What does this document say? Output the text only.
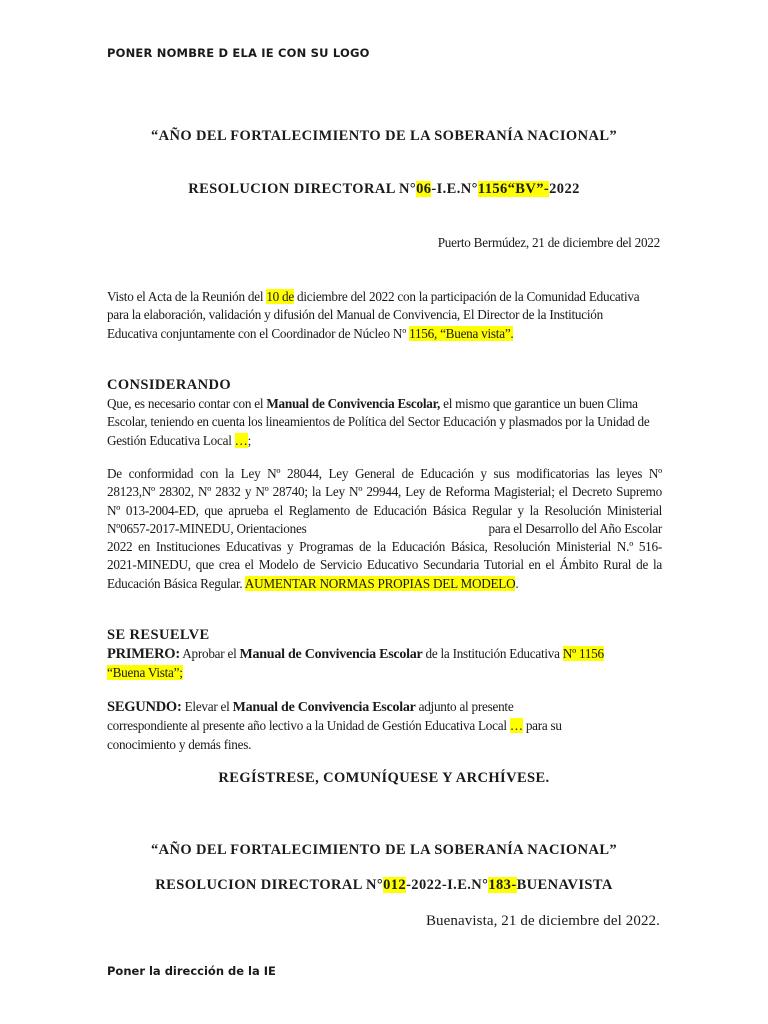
PONER NOMBRE D ELA IE CON SU LOGO
“AÑO DEL FORTALECIMIENTO DE LA SOBERANÍA NACIONAL”
RESOLUCION DIRECTORAL N°06-I.E.N°1156“BV”-2022
Puerto Bermúdez, 21 de diciembre del 2022
Visto el Acta de la Reunión del 10 de diciembre del 2022 con la participación de la Comunidad Educativa
para la elaboración, validación y difusión del Manual de Convivencia, El Director de la Institución
Educativa conjuntamente con el Coordinador de Núcleo Nº 1156, “Buena vista”.
CONSIDERANDO
Que, es necesario contar con el Manual de Convivencia Escolar, el mismo que garantice un buen Clima
Escolar, teniendo en cuenta los lineamientos de Política del Sector Educación y plasmados por la Unidad de
Gestión Educativa Local …;
De conformidad con la Ley Nº 28044, Ley General de Educación y sus modificatorias las leyes Nº
28123,Nº 28302, Nº 2832 y Nº 28740; la Ley Nº 29944, Ley de Reforma Magisterial; el Decreto Supremo
Nº 013-2004-ED, que aprueba el Reglamento de Educación Básica Regular y la Resolución Ministerial
Nº0657-2017-MINEDU, Orientaciones	para el Desarrollo del Año Escolar
2022 en Instituciones Educativas y Programas de la Educación Básica, Resolución Ministerial N.º 516-
2021-MINEDU, que crea el Modelo de Servicio Educativo Secundaria Tutorial en el Ámbito Rural de la
Educación Básica Regular. AUMENTAR NORMAS PROPIAS DEL MODELO.
SE RESUELVE
PRIMERO: Aprobar el Manual de Convivencia Escolar de la Institución Educativa Nº 1156
“Buena Vista”;
SEGUNDO: Elevar el Manual de Convivencia Escolar adjunto al presente
correspondiente al presente año lectivo a la Unidad de Gestión Educativa Local … para su
conocimiento y demás fines.
REGÍSTRESE, COMUNÍQUESE Y ARCHÍVESE.
“AÑO DEL FORTALECIMIENTO DE LA SOBERANÍA NACIONAL”
RESOLUCION DIRECTORAL N°012-2022-I.E.N°183-BUENAVISTA
Buenavista, 21 de diciembre del 2022.
Poner la dirección de la IE
